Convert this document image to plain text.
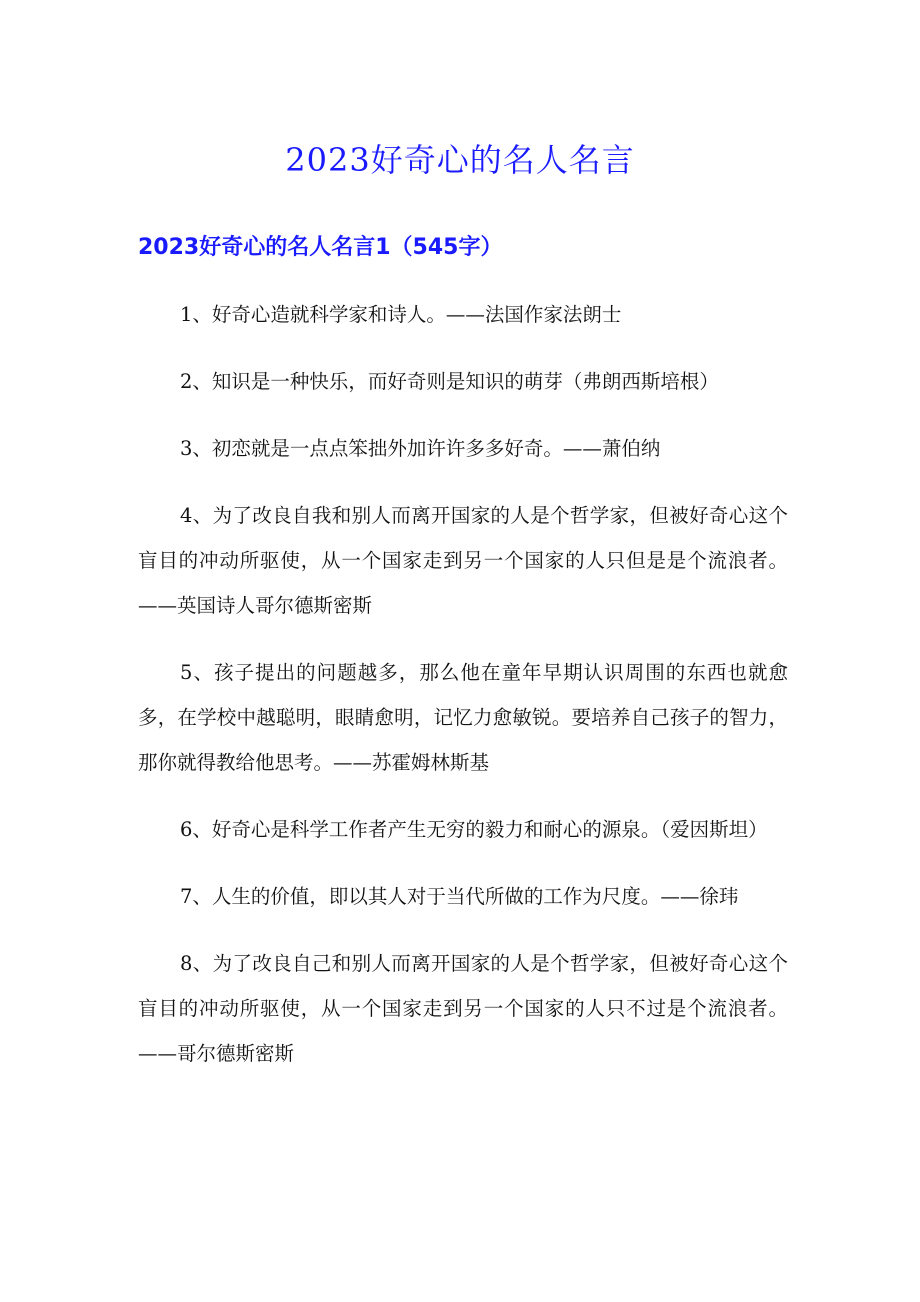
2023好奇心的名人名言
2023好奇心的名人名言1（545字）
1、好奇心造就科学家和诗人。——法国作家法朗士
2、知识是一种快乐，而好奇则是知识的萌芽（弗朗西斯培根）
3、初恋就是一点点笨拙外加许许多多好奇。——萧伯纳
4、为了改良自我和别人而离开国家的人是个哲学家，但被好奇心这个盲目的冲动所驱使，从一个国家走到另一个国家的人只但是是个流浪者。——英国诗人哥尔德斯密斯
5、孩子提出的问题越多，那么他在童年早期认识周围的东西也就愈多，在学校中越聪明，眼睛愈明，记忆力愈敏锐。要培养自己孩子的智力，那你就得教给他思考。——苏霍姆林斯基
6、好奇心是科学工作者产生无穷的毅力和耐心的源泉。（爱因斯坦）
7、人生的价值，即以其人对于当代所做的工作为尺度。——徐玮
8、为了改良自己和别人而离开国家的人是个哲学家，但被好奇心这个盲目的冲动所驱使，从一个国家走到另一个国家的人只不过是个流浪者。——哥尔德斯密斯
